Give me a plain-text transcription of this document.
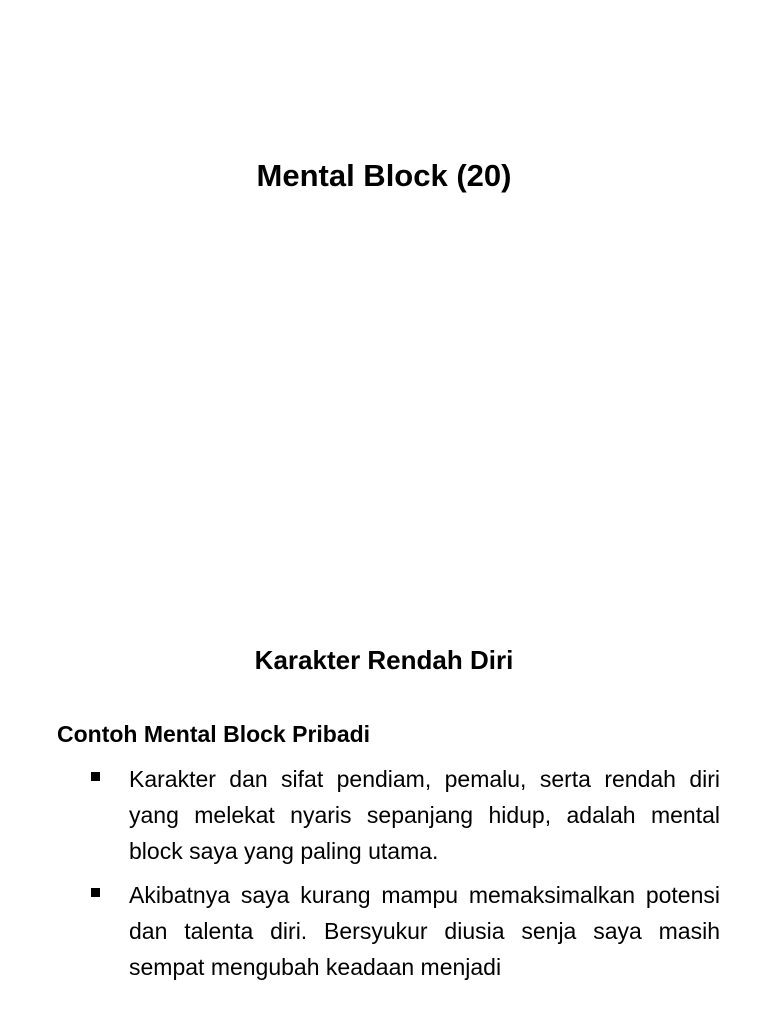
Mental Block (20)
Karakter Rendah Diri

Contoh Mental Block Pribadi

Karakter dan sifat pendiam, pemalu, serta rendah diri yang melekat nyaris sepanjang hidup, adalah mental block saya yang paling utama.
Akibatnya saya kurang mampu memaksimalkan potensi dan talenta diri. Bersyukur diusia senja saya masih sempat mengubah keadaan menjadi
